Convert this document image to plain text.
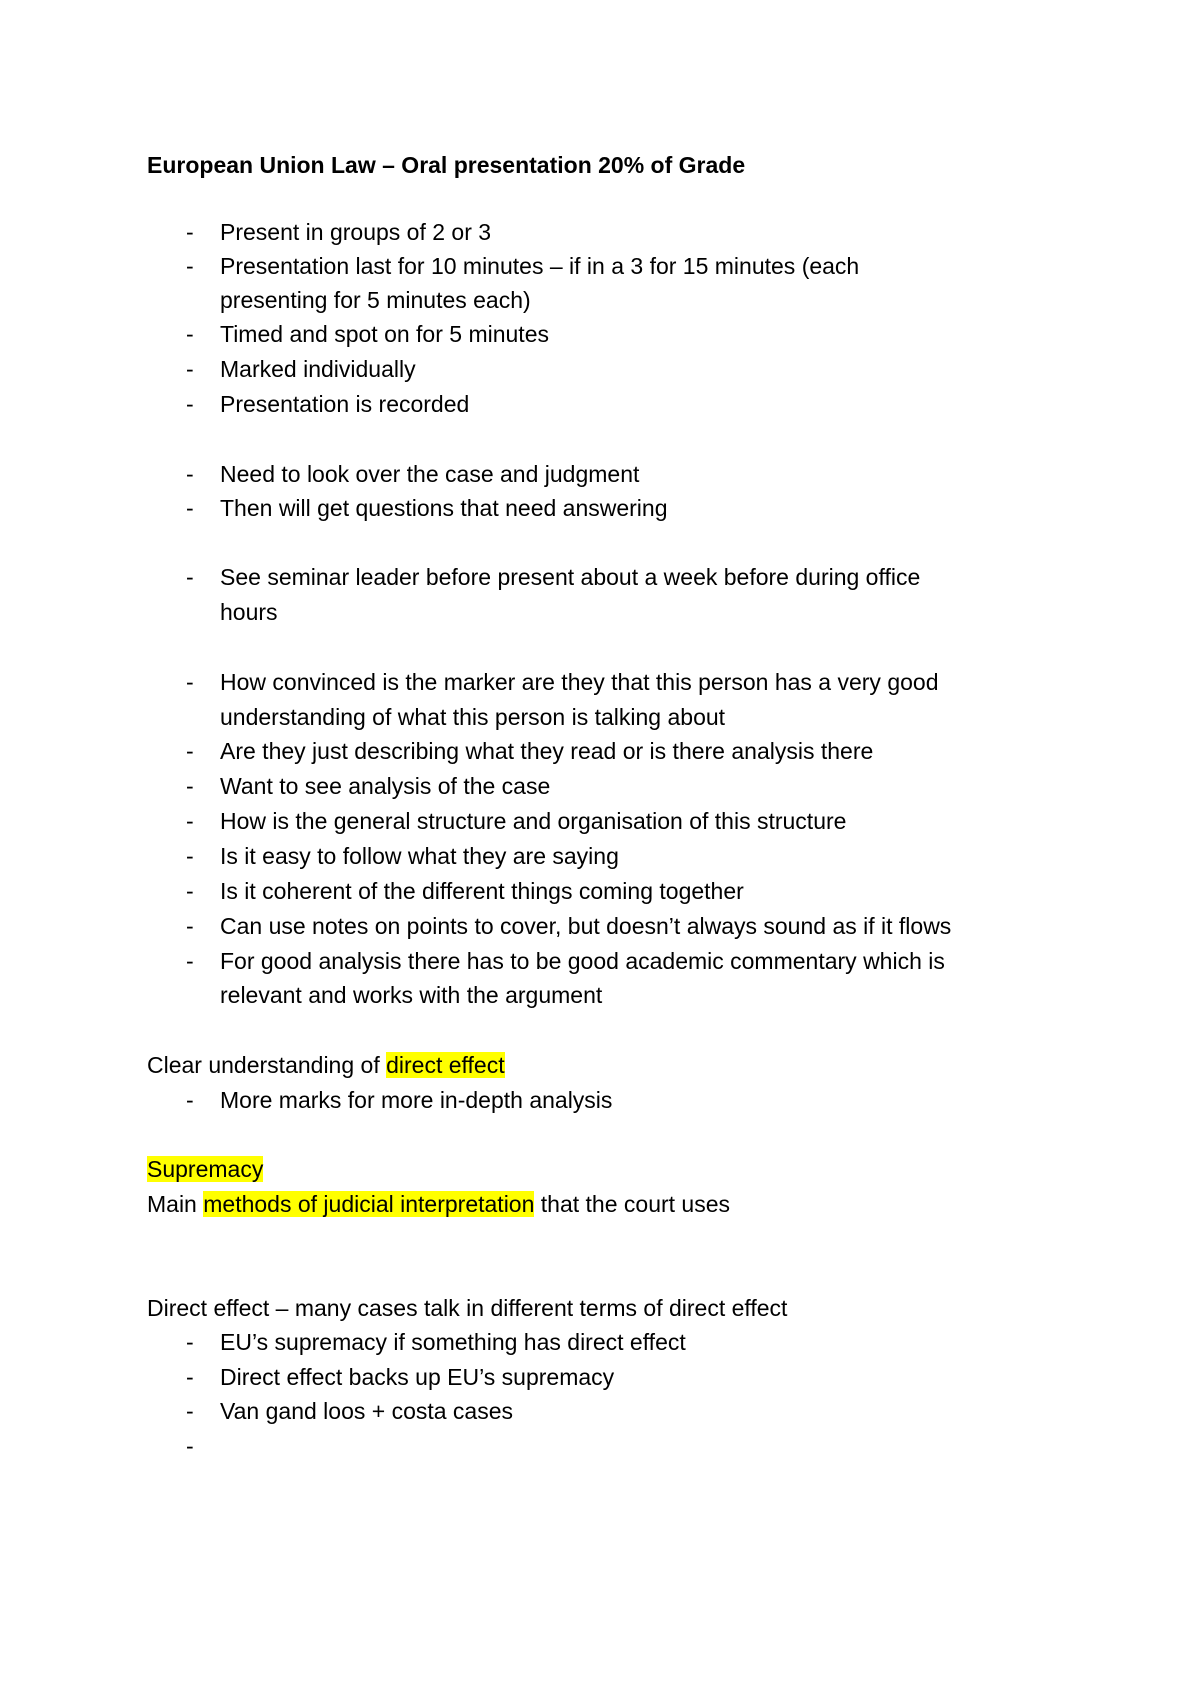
European Union Law – Oral presentation 20% of Grade
- Present in groups of 2 or 3
- Presentation last for 10 minutes – if in a 3 for 15 minutes (each
presenting for 5 minutes each)
- Timed and spot on for 5 minutes
- Marked individually
- Presentation is recorded
- Need to look over the case and judgment
- Then will get questions that need answering
- See seminar leader before present about a week before during office
hours
- How convinced is the marker are they that this person has a very good
understanding of what this person is talking about
- Are they just describing what they read or is there analysis there
- Want to see analysis of the case
- How is the general structure and organisation of this structure
- Is it easy to follow what they are saying
- Is it coherent of the different things coming together
- Can use notes on points to cover, but doesn’t always sound as if it flows
- For good analysis there has to be good academic commentary which is
relevant and works with the argument
Clear understanding of direct effect
- More marks for more in-depth analysis
Supremacy
Main methods of judicial interpretation that the court uses
Direct effect – many cases talk in different terms of direct effect
- EU’s supremacy if something has direct effect
- Direct effect backs up EU’s supremacy
- Van gand loos + costa cases
-
